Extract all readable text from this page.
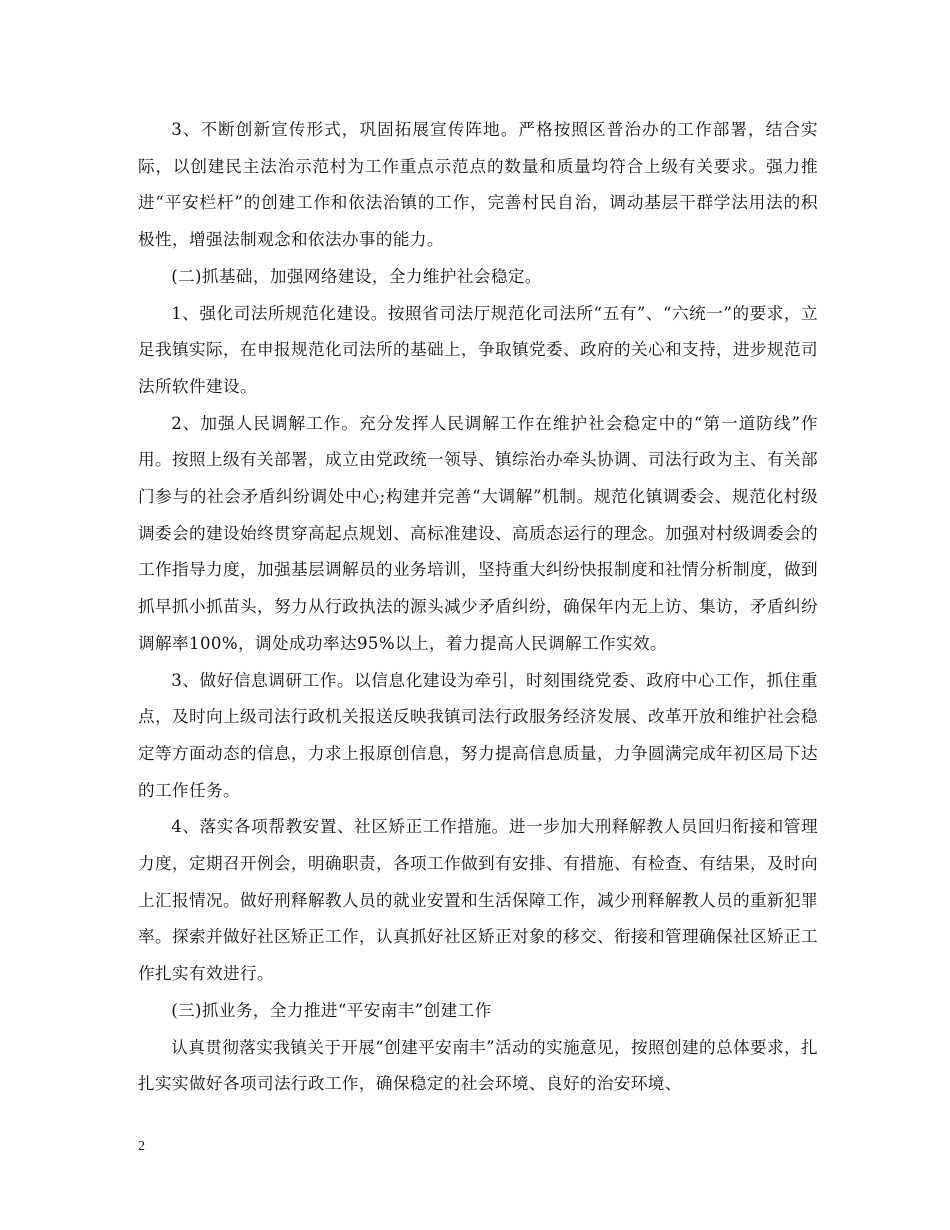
3、不断创新宣传形式，巩固拓展宣传阵地。严格按照区普治办的工作部署，结合实际，以创建民主法治示范村为工作重点示范点的数量和质量均符合上级有关要求。强力推进“平安栏杆”的创建工作和依法治镇的工作，完善村民自治，调动基层干群学法用法的积极性，增强法制观念和依法办事的能力。

(二)抓基础，加强网络建设，全力维护社会稳定。

1、强化司法所规范化建设。按照省司法厅规范化司法所“五有”、“六统一”的要求，立足我镇实际，在申报规范化司法所的基础上，争取镇党委、政府的关心和支持，进步规范司法所软件建设。

2、加强人民调解工作。充分发挥人民调解工作在维护社会稳定中的“第一道防线”作用。按照上级有关部署，成立由党政统一领导、镇综治办牵头协调、司法行政为主、有关部门参与的社会矛盾纠纷调处中心;构建并完善“大调解”机制。规范化镇调委会、规范化村级调委会的建设始终贯穿高起点规划、高标准建设、高质态运行的理念。加强对村级调委会的工作指导力度，加强基层调解员的业务培训，坚持重大纠纷快报制度和社情分析制度，做到抓早抓小抓苗头，努力从行政执法的源头减少矛盾纠纷，确保年内无上访、集访，矛盾纠纷调解率100%，调处成功率达95%以上，着力提高人民调解工作实效。

3、做好信息调研工作。以信息化建设为牵引，时刻围绕党委、政府中心工作，抓住重点，及时向上级司法行政机关报送反映我镇司法行政服务经济发展、改革开放和维护社会稳定等方面动态的信息，力求上报原创信息，努力提高信息质量，力争圆满完成年初区局下达的工作任务。

4、落实各项帮教安置、社区矫正工作措施。进一步加大刑释解教人员回归衔接和管理力度，定期召开例会，明确职责，各项工作做到有安排、有措施、有检查、有结果，及时向上汇报情况。做好刑释解教人员的就业安置和生活保障工作，减少刑释解教人员的重新犯罪率。探索并做好社区矫正工作，认真抓好社区矫正对象的移交、衔接和管理确保社区矫正工作扎实有效进行。

(三)抓业务，全力推进“平安南丰”创建工作

认真贯彻落实我镇关于开展“创建平安南丰”活动的实施意见，按照创建的总体要求，扎扎实实做好各项司法行政工作，确保稳定的社会环境、良好的治安环境、

2
